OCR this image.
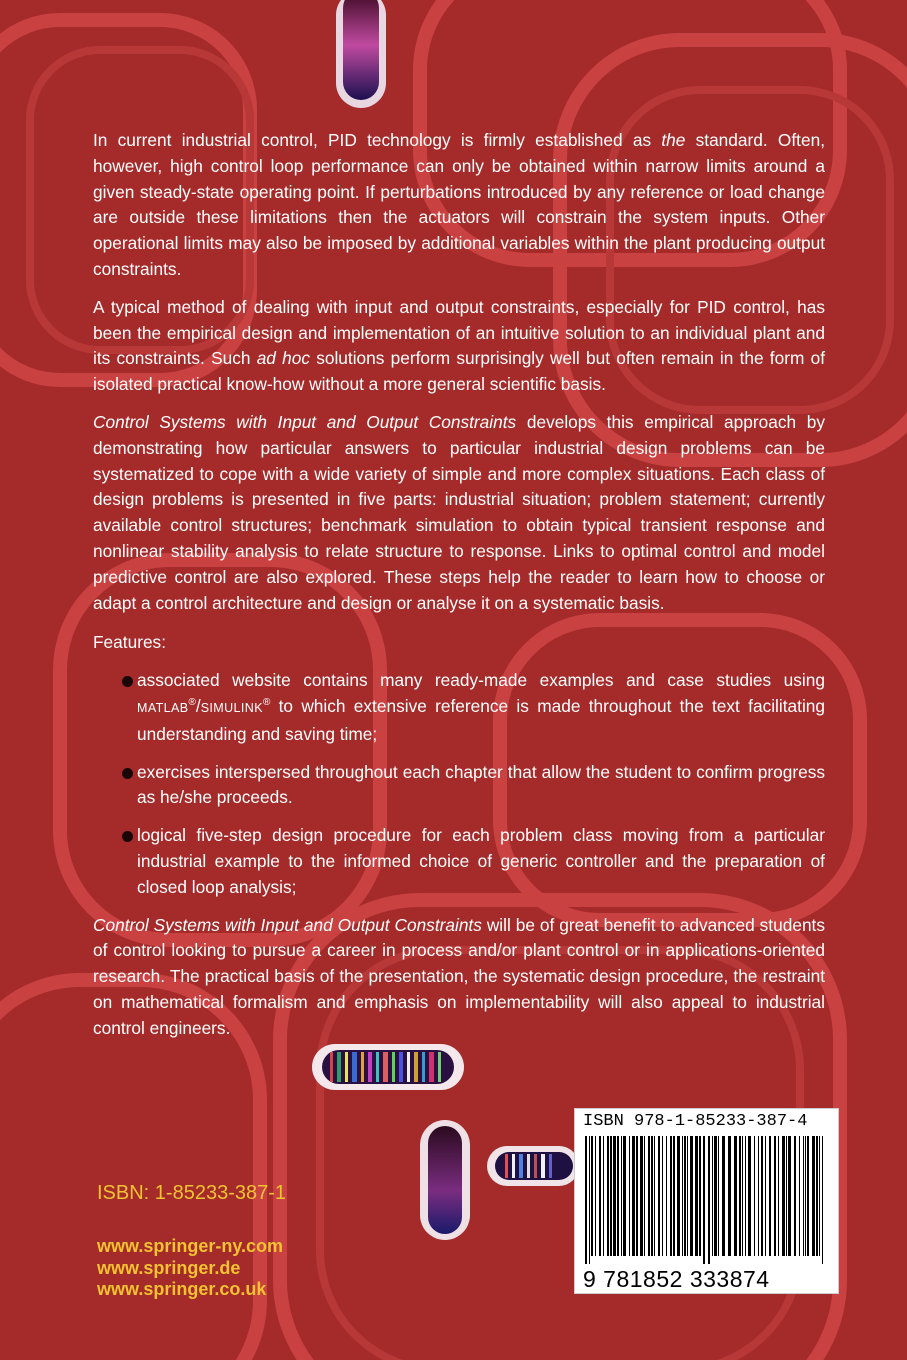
In current industrial control, PID technology is firmly established as the standard. Often, however, high control loop performance can only be obtained within narrow limits around a given steady-state operating point. If perturbations introduced by any reference or load change are outside these limitations then the actuators will constrain the system inputs. Other operational limits may also be imposed by additional variables within the plant producing output constraints.

A typical method of dealing with input and output constraints, especially for PID control, has been the empirical design and implementation of an intuitive solution to an individual plant and its constraints. Such ad hoc solutions perform surprisingly well but often remain in the form of isolated practical know-how without a more general scientific basis.

Control Systems with Input and Output Constraints develops this empirical approach by demonstrating how particular answers to particular industrial design problems can be systematized to cope with a wide variety of simple and more complex situations. Each class of design problems is presented in five parts: industrial situation; problem statement; currently available control structures; benchmark simulation to obtain typical transient response and nonlinear stability analysis to relate structure to response. Links to optimal control and model predictive control are also explored. These steps help the reader to learn how to choose or adapt a control architecture and design or analyse it on a systematic basis.

Features:

associated website contains many ready-made examples and case studies using MATLAB®/SIMULINK® to which extensive reference is made throughout the text facilitating understanding and saving time;
exercises interspersed throughout each chapter that allow the student to confirm progress as he/she proceeds.
logical five-step design procedure for each problem class moving from a particular industrial example to the informed choice of generic controller and the preparation of closed loop analysis;

Control Systems with Input and Output Constraints will be of great benefit to advanced students of control looking to pursue a career in process and/or plant control or in applications-oriented research. The practical basis of the presentation, the systematic design procedure, the restraint on mathematical formalism and emphasis on implementability will also appeal to industrial control engineers.

ISBN: 1-85233-387-1
www.springer-ny.com
www.springer.de
www.springer.co.uk
ISBN 978-1-85233-387-4
9 781852 333874
